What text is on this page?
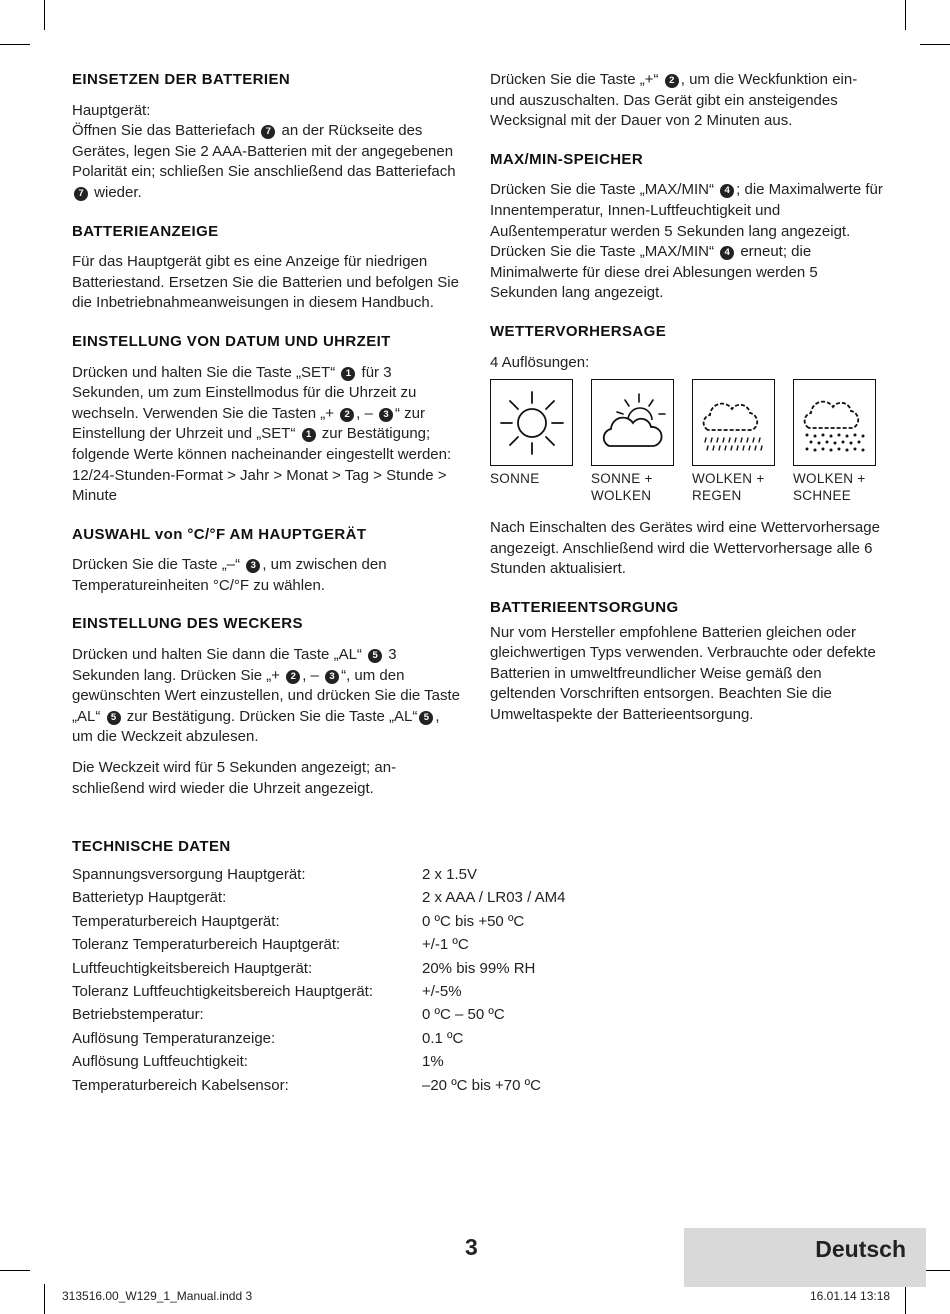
EINSETZEN DER BATTERIEN

Hauptgerät:

Öffnen Sie das Batteriefach 7 an der Rückseite des Gerätes, legen Sie 2 AAA-Batterien mit der angegebenen Polarität ein; schließen Sie anschließend das Batteriefach 7 wieder.

BATTERIEANZEIGE

Für das Hauptgerät gibt es eine Anzeige für niedrigen Batteriestand. Ersetzen Sie die Batterien und befolgen Sie die Inbetriebnahmeanweisungen in diesem Handbuch.

EINSTELLUNG VON DATUM UND UHRZEIT

Drücken und halten Sie die Taste „SET“ 1 für 3 Sekunden, um zum Einstellmodus für die Uhrzeit zu wechseln. Verwenden Sie die Tasten „+ 2 , – 3 “ zur Einstellung der Uhrzeit und „SET“ 1 zur Bestätigung; folgende Werte können nacheinander eingestellt werden: 12/24-Stunden-Format > Jahr > Monat > Tag > Stunde > Minute

AUSWAHL von °C/°F AM HAUPTGERÄT

Drücken Sie die Taste „–“ 3 , um zwischen den Temperatureinheiten °C/°F zu wählen.

EINSTELLUNG DES WECKERS

Drücken und halten Sie dann die Taste „AL“ 5 3 Sekunden lang. Drücken Sie „+ 2 , – 3 “, um den gewünschten Wert einzustellen, und drücken Sie die Taste „AL“ 5 zur Bestätigung. Drücken Sie die Taste „AL“ 5 , um die Weckzeit abzulesen.

Die Weckzeit wird für 5 Sekunden angezeigt; anschließend wird wieder die Uhrzeit angezeigt.

Drücken Sie die Taste „+“ 2 , um die Weckfunktion ein- und auszuschalten. Das Gerät gibt ein ansteigendes Wecksignal mit der Dauer von 2 Minuten aus.

MAX/MIN-SPEICHER

Drücken Sie die Taste „MAX/MIN“ 4 ; die Maximalwerte für Innentemperatur, Innen-Luftfeuchtigkeit und Außentemperatur werden 5 Sekunden lang angezeigt. Drücken Sie die Taste „MAX/MIN“ 4 erneut; die Minimalwerte für diese drei Ablesungen werden 5 Sekunden lang angezeigt.

WETTERVORHERSAGE

4 Auflösungen:

SONNE	SONNE +
WOLKEN
WOLKEN +
REGEN
WOLKEN +
SCHNEE

Nach Einschalten des Gerätes wird eine Wettervorhersage angezeigt. Anschließend wird die Wettervorhersage alle 6 Stunden aktualisiert.

BATTERIEENTSORGUNG

Nur vom Hersteller empfohlene Batterien gleichen oder gleichwertigen Typs verwenden. Verbrauchte oder defekte Batterien in umweltfreundlicher Weise gemäß den geltenden Vorschriften entsorgen. Beachten Sie die Umweltaspekte der Batterieentsorgung.

TECHNISCHE DATEN
Spannungsversorgung Hauptgerät:	2 x 1.5V
Batterietyp Hauptgerät:	2 x AAA / LR03 / AM4
Temperaturbereich Hauptgerät:	0 ºC bis +50 ºC
Toleranz Temperaturbereich Hauptgerät:	+/-1 ºC
Luftfeuchtigkeitsbereich Hauptgerät:	20% bis 99% RH
Toleranz Luftfeuchtigkeitsbereich Hauptgerät:	+/-5%
Betriebstemperatur:	0 ºC – 50 ºC
Auflösung Temperaturanzeige:	0.1 ºC
Auflösung Luftfeuchtigkeit:	1%
Temperaturbereich Kabelsensor:	–20 ºC bis +70 ºC
3	Deutsch
313516.00_W129_1_Manual.indd 3	16.01.14 13:18
